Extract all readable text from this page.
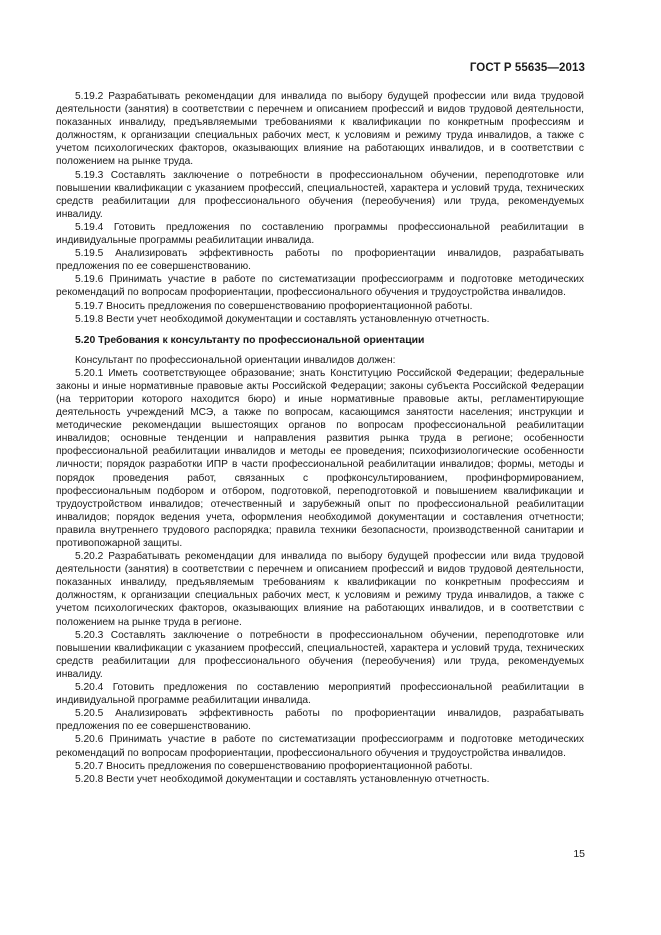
ГОСТ Р 55635—2013

5.19.2 Разрабатывать рекомендации для инвалида по выбору будущей профессии или вида трудовой деятельности (занятия) в соответствии с перечнем и описанием профессий и видов трудовой деятельности, показанных инвалиду, предъявляемыми требованиями к квалификации по конкретным профессиям и должностям, к организации специальных рабочих мест, к условиям и режиму труда инвалидов, а также с учетом психологических факторов, оказывающих влияние на работающих инвалидов, и в соответствии с положением на рынке труда.

5.19.3 Составлять заключение о потребности в профессиональном обучении, переподготовке или повышении квалификации с указанием профессий, специальностей, характера и условий труда, технических средств реабилитации для профессионального обучения (переобучения) или труда, рекомендуемых инвалиду.

5.19.4 Готовить предложения по составлению программы профессиональной реабилитации в индивидуальные программы реабилитации инвалида.

5.19.5 Анализировать эффективность работы по профориентации инвалидов, разрабатывать предложения по ее совершенствованию.

5.19.6 Принимать участие в работе по систематизации профессиограмм и подготовке методических рекомендаций по вопросам профориентации, профессионального обучения и трудоустройства инвалидов.

5.19.7 Вносить предложения по совершенствованию профориентационной работы.

5.19.8 Вести учет необходимой документации и составлять установленную отчетность.

5.20 Требования к консультанту по профессиональной ориентации

Консультант по профессиональной ориентации инвалидов должен:

5.20.1 Иметь соответствующее образование; знать Конституцию Российской Федерации; федеральные законы и иные нормативные правовые акты Российской Федерации; законы субъекта Российской Федерации (на территории которого находится бюро) и иные нормативные правовые акты, регламентирующие деятельность учреждений МСЭ, а также по вопросам, касающимся занятости населения; инструкции и методические рекомендации вышестоящих органов по вопросам профессиональной реабилитации инвалидов; основные тенденции и направления развития рынка труда в регионе; особенности профессиональной реабилитации инвалидов и методы ее проведения; психофизиологические особенности личности; порядок разработки ИПР в части профессиональной реабилитации инвалидов; формы, методы и порядок проведения работ, связанных с профконсультированием, профинформированием, профессиональным подбором и отбором, подготовкой, переподготовкой и повышением квалификации и трудоустройством инвалидов; отечественный и зарубежный опыт по профессиональной реабилитации инвалидов; порядок ведения учета, оформления необходимой документации и составления отчетности; правила внутреннего трудового распорядка; правила техники безопасности, производственной санитарии и противопожарной защиты.

5.20.2 Разрабатывать рекомендации для инвалида по выбору будущей профессии или вида трудовой деятельности (занятия) в соответствии с перечнем и описанием профессий и видов трудовой деятельности, показанных инвалиду, предъявляемым требованиям к квалификации по конкретным профессиям и должностям, к организации специальных рабочих мест, к условиям и режиму труда инвалидов, а также с учетом психологических факторов, оказывающих влияние на работающих инвалидов, и в соответствии с положением на рынке труда в регионе.

5.20.3 Составлять заключение о потребности в профессиональном обучении, переподготовке или повышении квалификации с указанием профессий, специальностей, характера и условий труда, технических средств реабилитации для профессионального обучения (переобучения) или труда, рекомендуемых инвалиду.

5.20.4 Готовить предложения по составлению мероприятий профессиональной реабилитации в индивидуальной программе реабилитации инвалида.

5.20.5 Анализировать эффективность работы по профориентации инвалидов, разрабатывать предложения по ее совершенствованию.

5.20.6 Принимать участие в работе по систематизации профессиограмм и подготовке методических рекомендаций по вопросам профориентации, профессионального обучения и трудоустройства инвалидов.

5.20.7 Вносить предложения по совершенствованию профориентационной работы.

5.20.8 Вести учет необходимой документации и составлять установленную отчетность.

15
